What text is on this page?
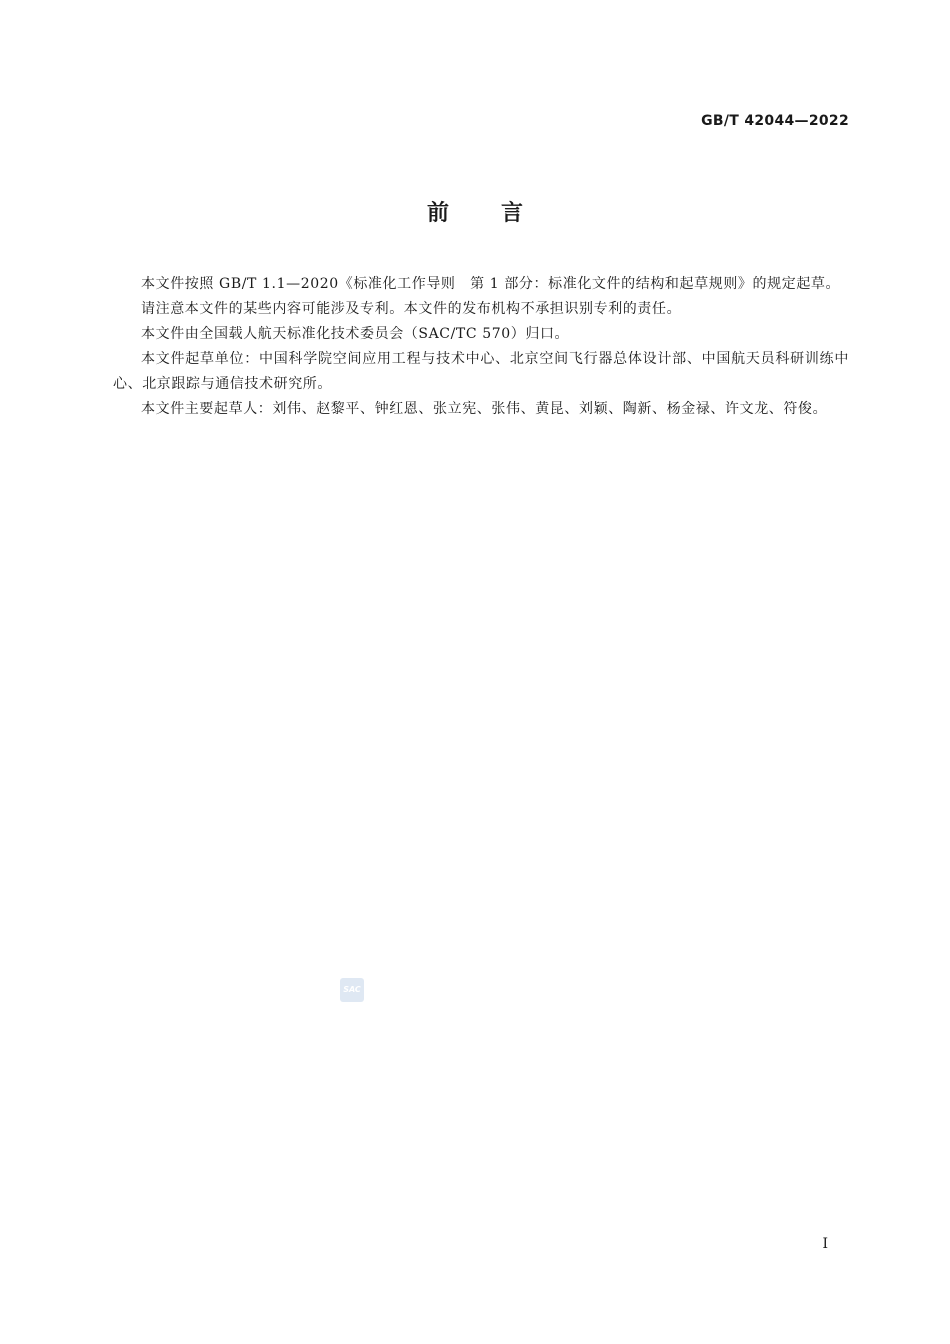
GB/T 42044—2022
前言

本文件按照 GB/T 1.1—2020《标准化工作导则　第 1 部分：标准化文件的结构和起草规则》的规定起草。

请注意本文件的某些内容可能涉及专利。本文件的发布机构不承担识别专利的责任。

本文件由全国载人航天标准化技术委员会（SAC/TC 570）归口。

本文件起草单位：中国科学院空间应用工程与技术中心、北京空间飞行器总体设计部、中国航天员科研训练中心、北京跟踪与通信技术研究所。

本文件主要起草人：刘伟、赵黎平、钟红恩、张立宪、张伟、黄昆、刘颖、陶新、杨金禄、许文龙、符俊。

SAC
I
